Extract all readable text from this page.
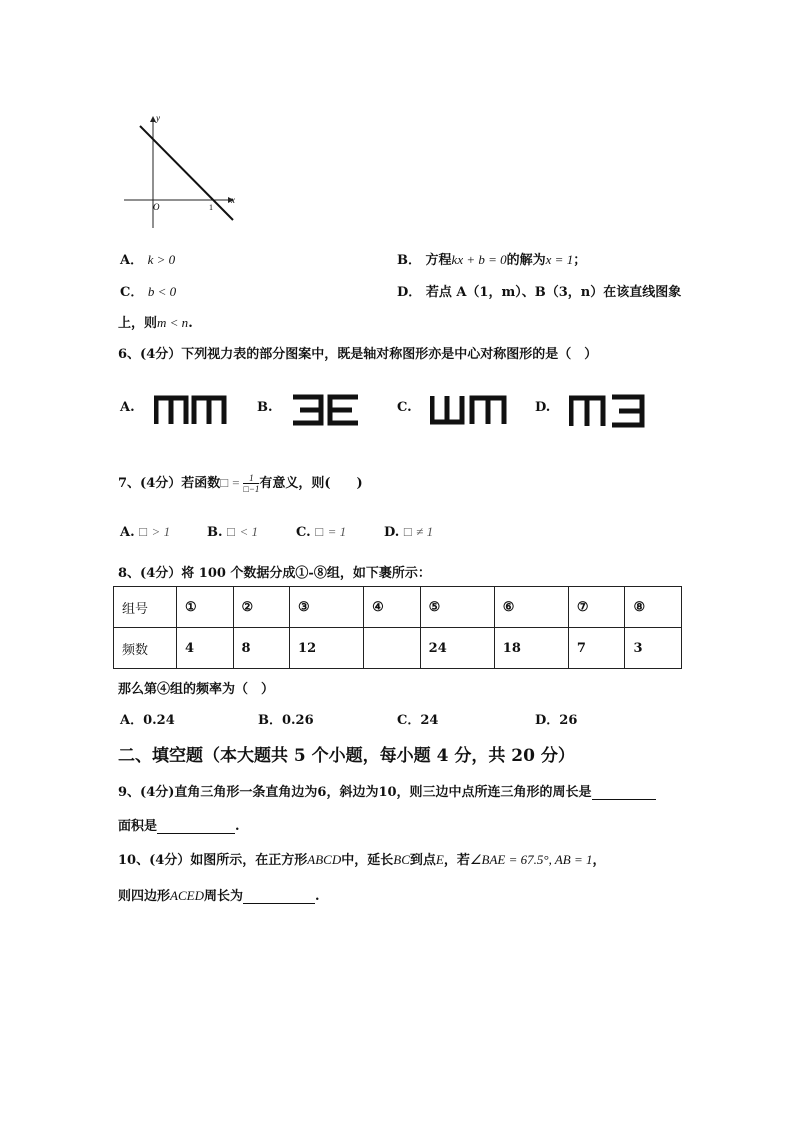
y
x
O	1
A． k > 0	B． 方程kx + b = 0的解为x = 1；
C． b < 0	D． 若点 A（1，m）、B（3，n）在该直线图象
上，则m < n.
6、(4分）下列视力表的部分图案中，既是轴对称图形亦是中心对称图形的是（　）
A.	B.	C.	D.
7、(4分）若函数□ = $\frac{1}{□-1}$ 有意义，则(　　)
A. □ > 1	B. □ < 1	C. □ = 1	D. □ ≠ 1
8、(4分）将 100 个数据分成①-⑧组，如下裹所示：
组号	①	②	③	④	⑤	⑥	⑦	⑧
频数	4	8	12		24	18	7	3
那么第④组的频率为（　）
A．0.24	B．0.26	C．24	D．26
二、填空题（本大题共 5 个小题，每小题 4 分，共 20 分）
9、(4分)直角三角形一条直角边为6，斜边为10，则三边中点所连三角形的周长是
面积是	.
10、(4分）如图所示，在正方形ABCD中，延长BC到点E，若∠BAE = 67.5°, AB = 1，
则四边形ACED周长为	.
